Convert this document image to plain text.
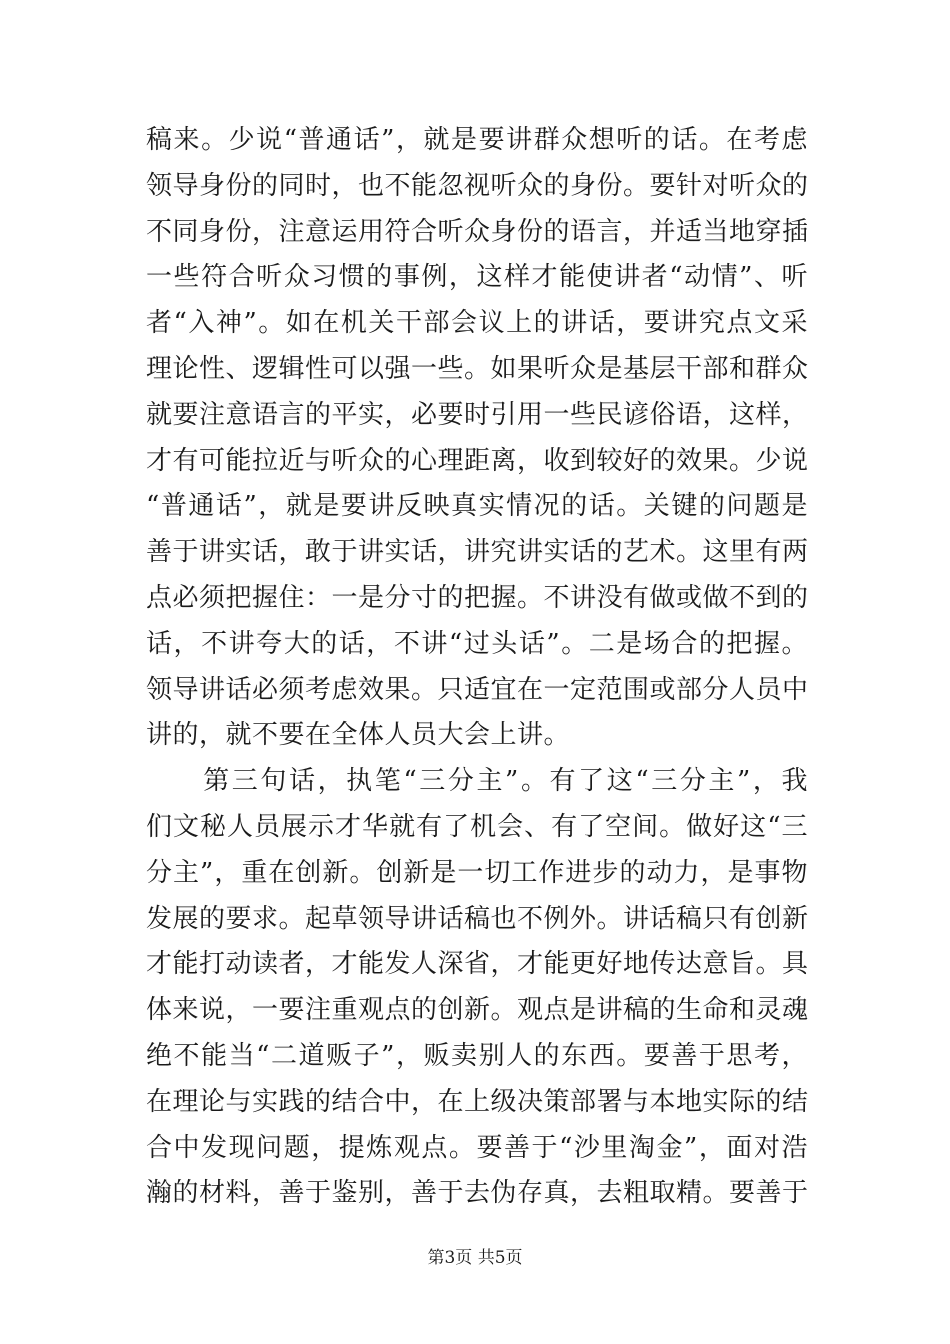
稿来。少说“普通话”，就是要讲群众想听的话。在考虑
领导身份的同时，也不能忽视听众的身份。要针对听众的
不同身份，注意运用符合听众身份的语言，并适当地穿插
一些符合听众习惯的事例，这样才能使讲者“动情”、听
者“入神”。如在机关干部会议上的讲话，要讲究点文采
理论性、逻辑性可以强一些。如果听众是基层干部和群众
就要注意语言的平实，必要时引用一些民谚俗语，这样，
才有可能拉近与听众的心理距离，收到较好的效果。少说
“普通话”，就是要讲反映真实情况的话。关键的问题是
善于讲实话，敢于讲实话，讲究讲实话的艺术。这里有两
点必须把握住：一是分寸的把握。不讲没有做或做不到的
话，不讲夸大的话，不讲“过头话”。二是场合的把握。
领导讲话必须考虑效果。只适宜在一定范围或部分人员中
讲的，就不要在全体人员大会上讲。
　　第三句话，执笔“三分主”。有了这“三分主”，我
们文秘人员展示才华就有了机会、有了空间。做好这“三
分主”，重在创新。创新是一切工作进步的动力，是事物
发展的要求。起草领导讲话稿也不例外。讲话稿只有创新
才能打动读者，才能发人深省，才能更好地传达意旨。具
体来说，一要注重观点的创新。观点是讲稿的生命和灵魂
绝不能当“二道贩子”，贩卖别人的东西。要善于思考，
在理论与实践的结合中，在上级决策部署与本地实际的结
合中发现问题，提炼观点。要善于“沙里淘金”，面对浩
瀚的材料，善于鉴别，善于去伪存真，去粗取精。要善于
第3页 共5页
